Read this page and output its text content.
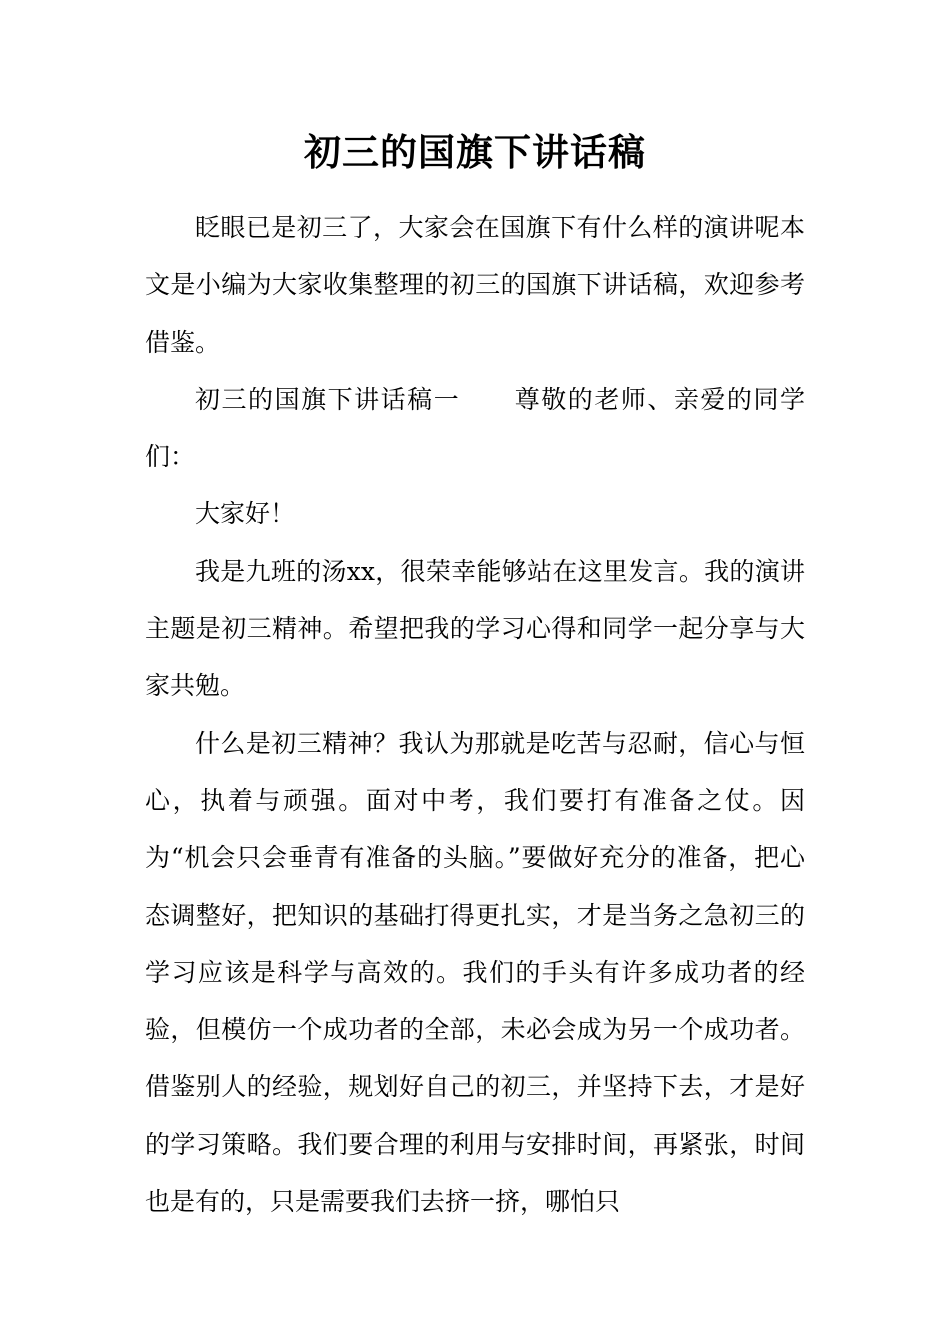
初三的国旗下讲话稿

眨眼已是初三了，大家会在国旗下有什么样的演讲呢本文是小编为大家收集整理的初三的国旗下讲话稿，欢迎参考借鉴。

初三的国旗下讲话稿一 尊敬的老师、亲爱的同学们：

大家好！

我是九班的汤xx，很荣幸能够站在这里发言。我的演讲主题是初三精神。希望把我的学习心得和同学一起分享与大家共勉。

什么是初三精神？我认为那就是吃苦与忍耐，信心与恒心，执着与顽强。面对中考，我们要打有准备之仗。因为“机会只会垂青有准备的头脑。”要做好充分的准备，把心态调整好，把知识的基础打得更扎实，才是当务之急初三的学习应该是科学与高效的。我们的手头有许多成功者的经验，但模仿一个成功者的全部，未必会成为另一个成功者。借鉴别人的经验，规划好自己的初三，并坚持下去，才是好的学习策略。我们要合理的利用与安排时间，再紧张，时间也是有的，只是需要我们去挤一挤，哪怕只
